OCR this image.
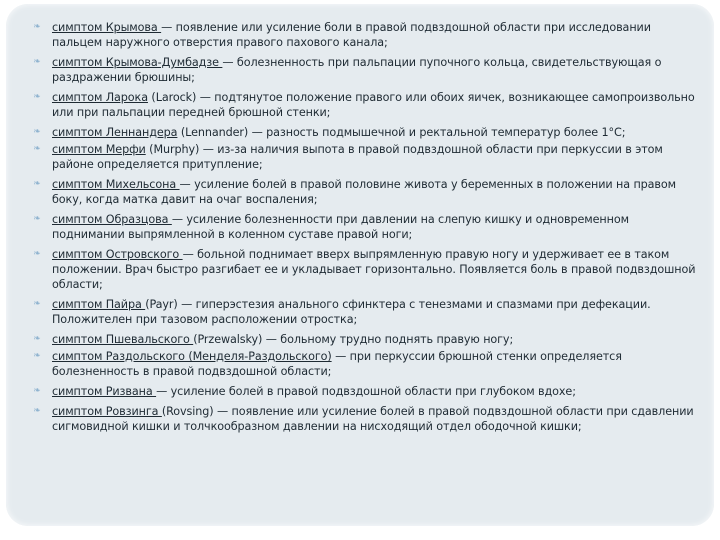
❧ симптом Крымова — появление или усиление боли в правой подвздошной области при исследовании пальцем наружного отверстия правого пахового канала;
❧ симптом Крымова-Думбадзе — болезненность при пальпации пупочного кольца, свидетельствующая о раздражении брюшины;
❧ симптом Ларока (Larock) — подтянутое положение правого или обоих яичек, возникающее самопроизвольно или при пальпации передней брюшной стенки;
❧ симптом Леннандера (Lennander) — разность подмышечной и ректальной температур более 1°С;
❧ симптом Мерфи (Murphy) — из-за наличия выпота в правой подвздошной области при перкуссии в этом районе определяется притупление;
❧ симптом Михельсона — усиление болей в правой половине живота у беременных в положении на правом боку, когда матка давит на очаг воспаления;
❧ симптом Образцова — усиление болезненности при давлении на слепую кишку и одновременном поднимании выпрямленной в коленном суставе правой ноги;
❧ симптом Островского — больной поднимает вверх выпрямленную правую ногу и удерживает ее в таком положении. Врач быстро разгибает ее и укладывает горизонтально. Появляется боль в правой подвздошной области;
❧ симптом Пайра (Payr) — гиперэстезия анального сфинктера с тенезмами и спазмами при дефекации. Положителен при тазовом расположении отростка;
❧ симптом Пшевальского (Przewalsky) — больному трудно поднять правую ногу;
❧ симптом Раздольского (Менделя-Раздольского) — при перкуссии брюшной стенки определяется болезненность в правой подвздошной области;
❧ симптом Ризвана — усиление болей в правой подвздошной области при глубоком вдохе;
❧ симптом Ровзинга (Rovsing) — появление или усиление болей в правой подвздошной области при сдавлении сигмовидной кишки и толчкообразном давлении на нисходящий отдел ободочной кишки;
